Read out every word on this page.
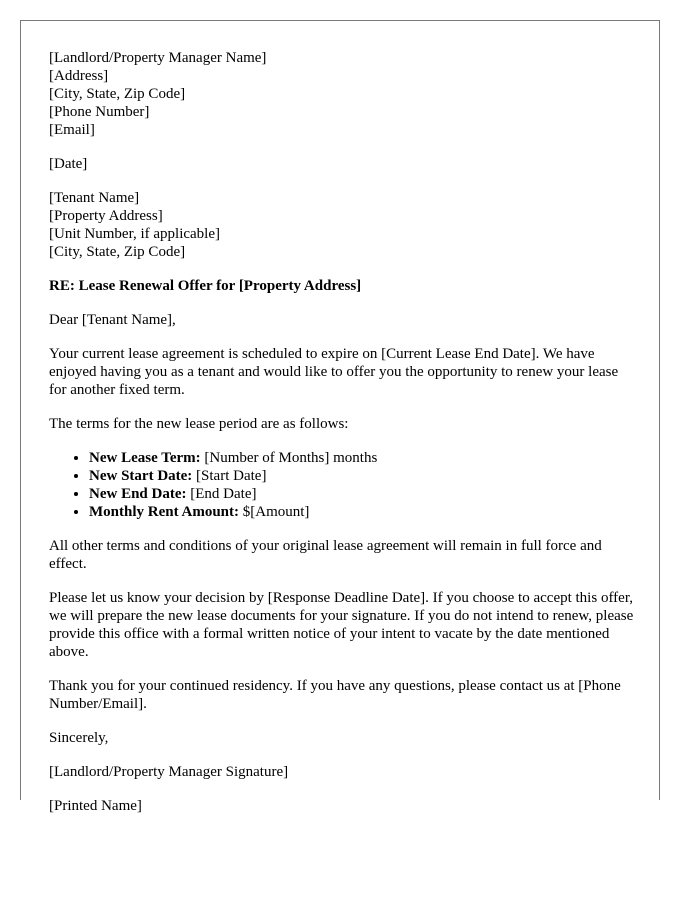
[Landlord/Property Manager Name]
[Address]
[City, State, Zip Code]
[Phone Number]
[Email]
[Date]
[Tenant Name]
[Property Address]
[Unit Number, if applicable]
[City, State, Zip Code]

RE: Lease Renewal Offer for [Property Address]

Dear [Tenant Name],

Your current lease agreement is scheduled to expire on [Current Lease End Date]. We have enjoyed having you as a tenant and would like to offer you the opportunity to renew your lease for another fixed term.

The terms for the new lease period are as follows:

• New Lease Term: [Number of Months] months
• New Start Date: [Start Date]
• New End Date: [End Date]
• Monthly Rent Amount: $[Amount]

All other terms and conditions of your original lease agreement will remain in full force and effect.

Please let us know your decision by [Response Deadline Date]. If you choose to accept this offer, we will prepare the new lease documents for your signature. If you do not intend to renew, please provide this office with a formal written notice of your intent to vacate by the date mentioned above.

Thank you for your continued residency. If you have any questions, please contact us at [Phone Number/Email].

Sincerely,

[Landlord/Property Manager Signature]

[Printed Name]
